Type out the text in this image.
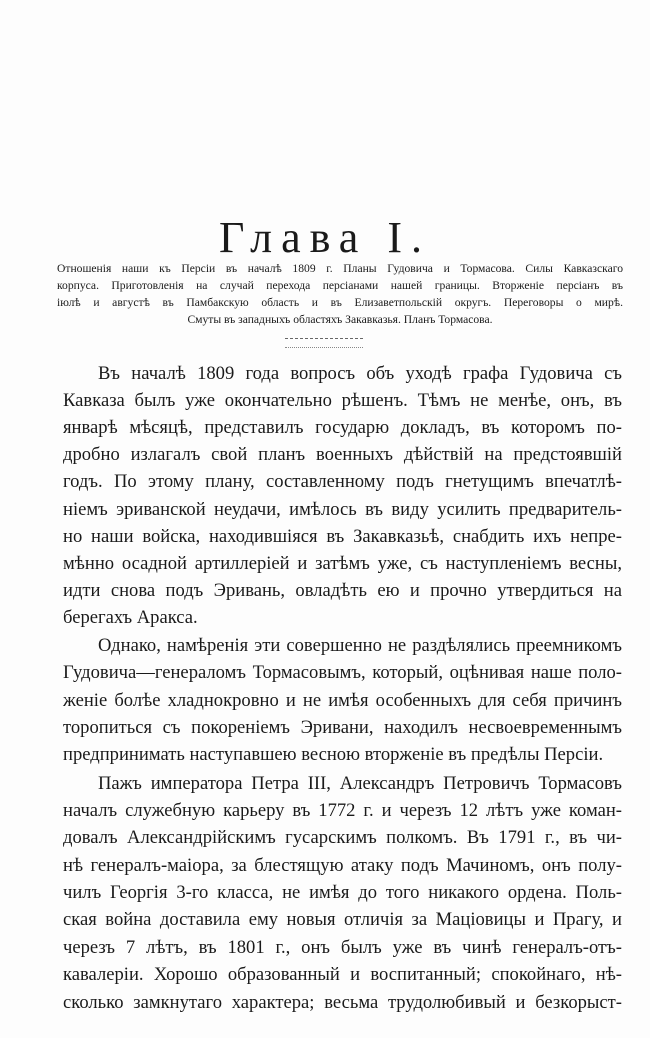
Глава I.
Отношенія наши къ Персіи въ началѣ 1809 г. Планы Гудовича и Тормасова. Силы Кавказскаго
корпуса. Приготовленія на случай перехода персіанами нашей границы. Вторженіе персіанъ въ
іюлѣ и августѣ въ Памбакскую область и въ Елизаветпольскій округъ. Переговоры о мирѣ.
Смуты въ западныхъ областяхъ Закавказья. Планъ Тормасова.
Въ началѣ 1809 года вопросъ объ уходѣ графа Гудовича съ
Кавказа былъ уже окончательно рѣшенъ. Тѣмъ не менѣе, онъ, въ
январѣ мѣсяцѣ, представилъ государю докладъ, въ которомъ по-
дробно излагалъ свой планъ военныхъ дѣйствій на предстоявшій
годъ. По этому плану, составленному подъ гнетущимъ впечатлѣ-
ніемъ эриванской неудачи, имѣлось въ виду усилить предваритель-
но наши войска, находившіяся въ Закавказьѣ, снабдить ихъ непре-
мѣнно осадной артиллеріей и затѣмъ уже, съ наступленіемъ весны,
идти снова подъ Эривань, овладѣть ею и прочно утвердиться на
берегахъ Аракса.
Однако, намѣренія эти совершенно не раздѣлялись преемникомъ
Гудовича—генераломъ Тормасовымъ, который, оцѣнивая наше поло-
женіе болѣе хладнокровно и не имѣя особенныхъ для себя причинъ
торопиться съ покореніемъ Эривани, находилъ несвоевременнымъ
предпринимать наступавшею весною вторженіе въ предѣлы Персіи.
Пажъ императора Петра III, Александръ Петровичъ Тормасовъ
началъ служебную карьеру въ 1772 г. и черезъ 12 лѣтъ уже коман-
довалъ Александрійскимъ гусарскимъ полкомъ. Въ 1791 г., въ чи-
нѣ генералъ-маіора, за блестящую атаку подъ Мачиномъ, онъ полу-
чилъ Георгія 3-го класса, не имѣя до того никакого ордена. Поль-
ская война доставила ему новыя отличія за Мацiовицы и Прагу, и
черезъ 7 лѣтъ, въ 1801 г., онъ былъ уже въ чинѣ генералъ-отъ-
кавалеріи. Хорошо образованный и воспитанный; спокойнаго, нѣ-
сколько замкнутаго характера; весьма трудолюбивый и безкорыст-
